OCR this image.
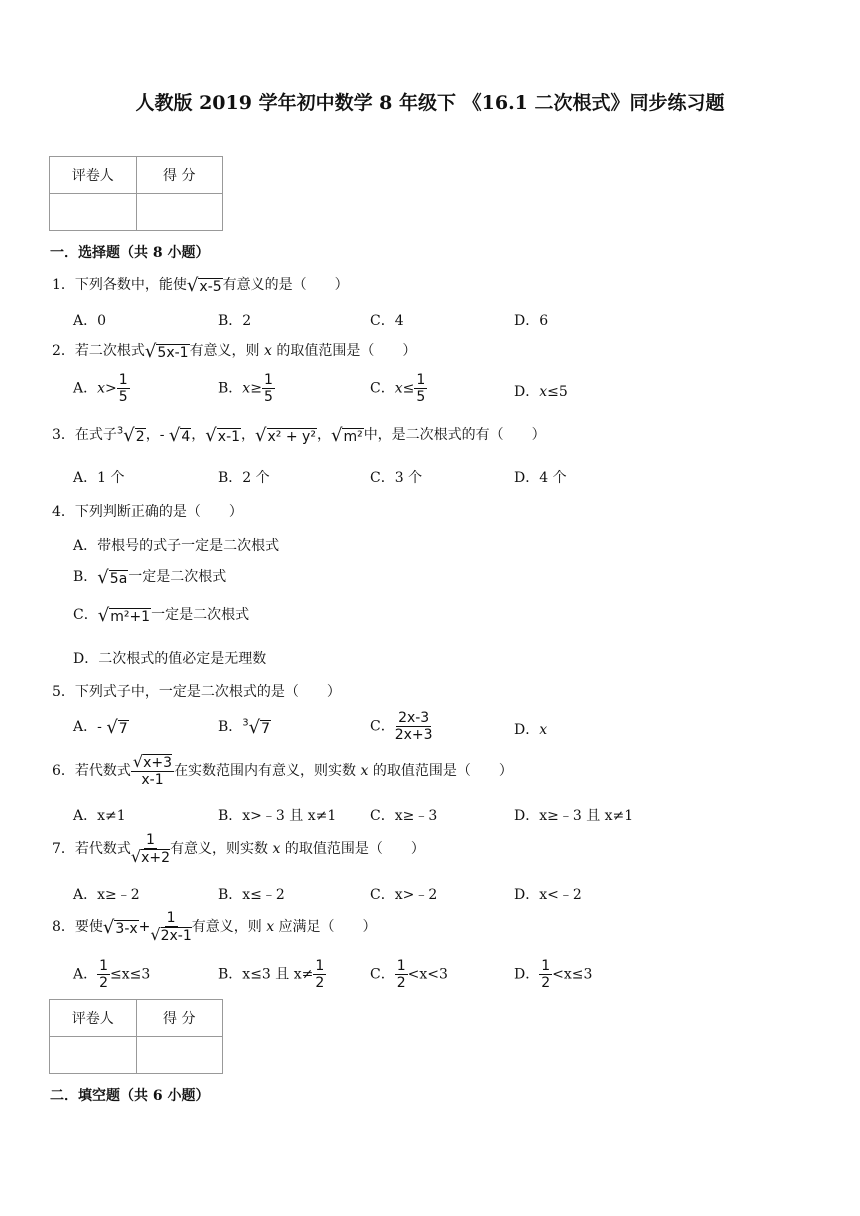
人教版 2019 学年初中数学 8 年级下 《16.1 二次根式》同步练习题
评卷人	得 分

一．选择题（共 8 小题）
1．下列各数中，能使√x-5有意义的是（　　）
A．0	B．2	C．4	D．6
2．若二次根式√5x-1有意义，则 x 的取值范围是（　　）
A．$x> \frac{1}{5}$	B．$x\ge \frac{1}{5}$	C．$x\le \frac{1}{5}$	D．x≤5
3．在式子$^3$√2，- √4，√x-1，√x² + y²，√m²中，是二次根式的有（　　）
A．1 个	B．2 个	C．3 个	D．4 个
4．下列判断正确的是（　　）
A．带根号的式子一定是二次根式
B．√5a一定是二次根式
C．√m²+1一定是二次根式
D．二次根式的值必定是无理数
5．下列式子中，一定是二次根式的是（　　）
A．- √7	B．$^3$√7	C． $\frac{2x-3}{2x+3}$	D．x
6．若代数式 $\frac{√x+3}{x-1}$ 在实数范围内有意义，则实数 x 的取值范围是（　　）
A．x≠1	B．x>﹣3 且 x≠1 C．x≥﹣3	D．x≥﹣3 且 x≠1
7．若代数式 $\frac{1}{√x+2}$ 有意义，则实数 x 的取值范围是（　　）
A．x≥﹣2	B．x≤﹣2	C．x>﹣2	D．x<﹣2
8．要使$√3-x+ \frac{1}{√2x-1}$ 有意义，则 x 应满足（　　）
A． $\frac{1}{2} \le x\le 3$	B．x≤3 且 $x\ne \frac{1}{2}$	C． $\frac{1}{2} <x<3$	D． $\frac{1}{2} <x\le 3$
评卷人	得 分

二．填空题（共 6 小题）
